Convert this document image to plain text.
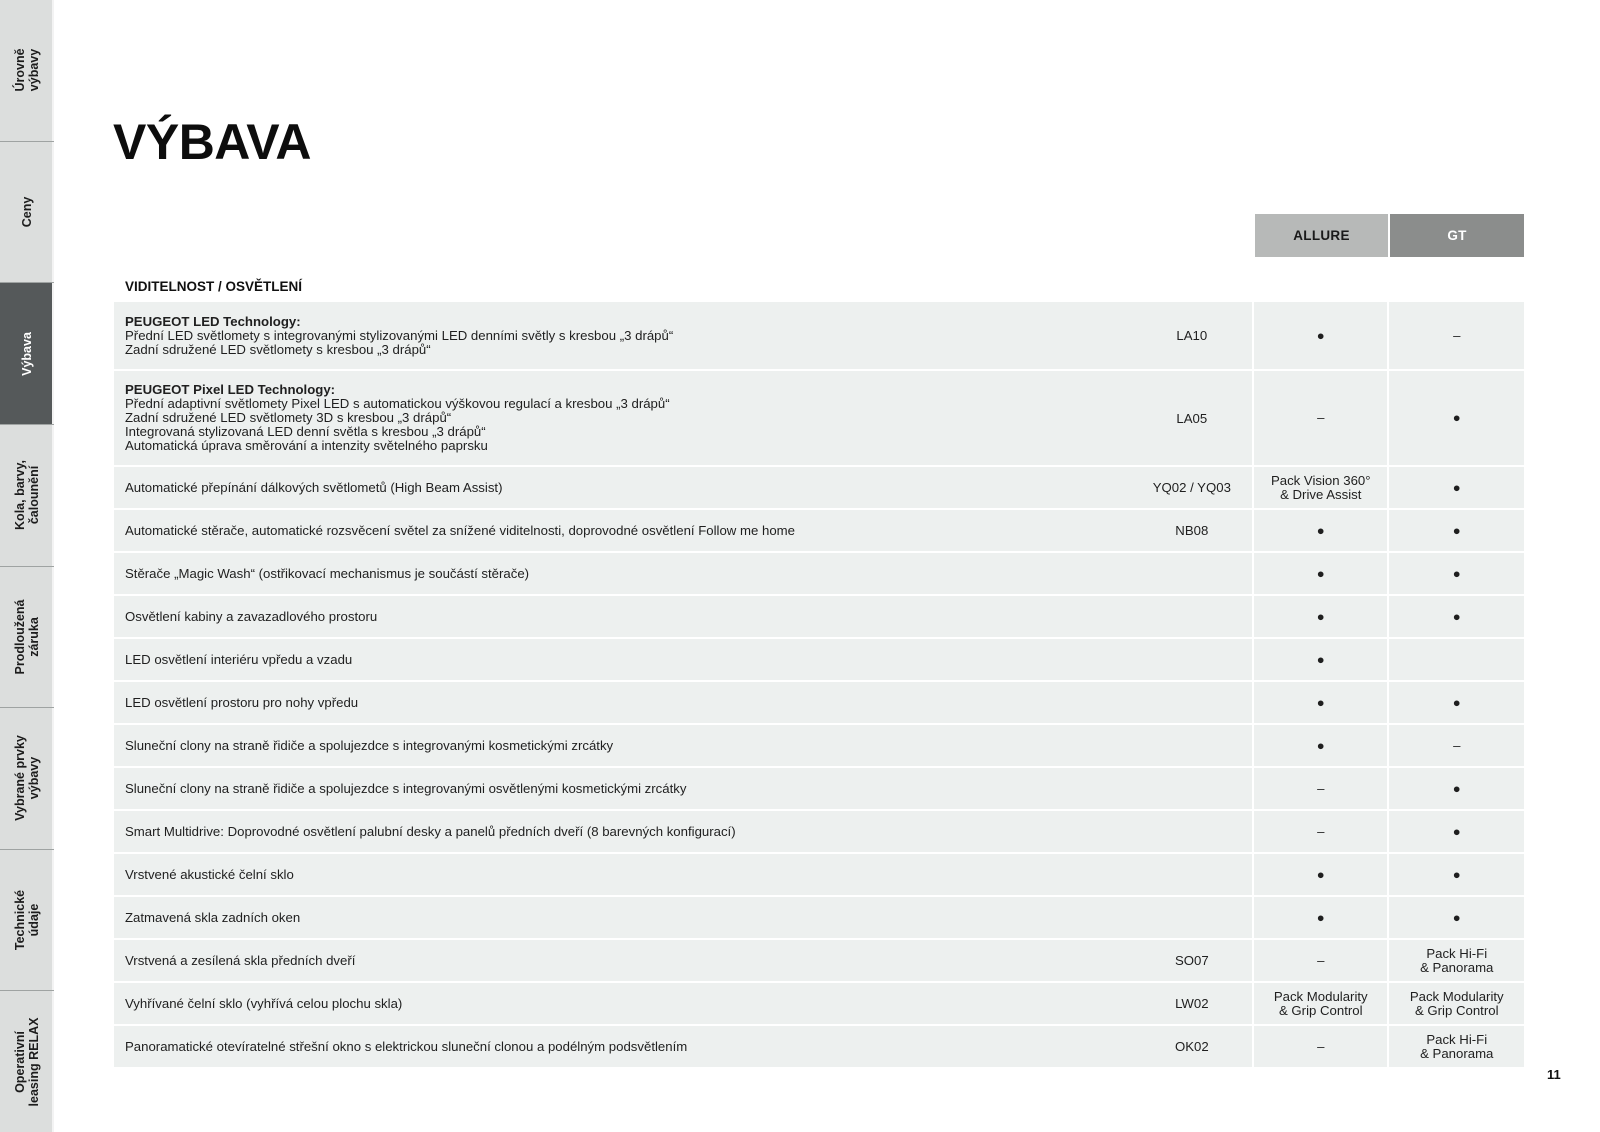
Úrovně
výbavy
Ceny
Výbava
Kola, barvy,
čalounění
Prodloužená
záruka
Vybrané prvky
výbavy
Technické
údaje
Operativní
leasing RELAX
VÝBAVA
ALLURE	GT
VIDITELNOST / OSVĚTLENÍ
PEUGEOT LED Technology:
Přední LED světlomety s integrovanými stylizovanými LED denními světly s kresbou „3 drápů“
Zadní sdružené LED světlomety s kresbou „3 drápů“	LA10	●	–

PEUGEOT Pixel LED Technology:
Přední adaptivní světlomety Pixel LED s automatickou výškovou regulací a kresbou „3 drápů“
Zadní sdružené LED světlomety 3D s kresbou „3 drápů“
Integrovaná stylizovaná LED denní světla s kresbou „3 drápů“
Automatická úprava směrování a intenzity světelného paprsku	LA05	–	●

Automatické přepínání dálkových světlometů (High Beam Assist)	YQ02 / YQ03	Pack Vision 360°
& Drive Assist	●

Automatické stěrače, automatické rozsvěcení světel za snížené viditelnosti, doprovodné osvětlení Follow me home	NB08	●	●

Stěrače „Magic Wash“ (ostřikovací mechanismus je součástí stěrače)		●	●

Osvětlení kabiny a zavazadlového prostoru		●	●

LED osvětlení interiéru vpředu a vzadu		●	

LED osvětlení prostoru pro nohy vpředu		●	●

Sluneční clony na straně řidiče a spolujezdce s integrovanými kosmetickými zrcátky		●	–

Sluneční clony na straně řidiče a spolujezdce s integrovanými osvětlenými kosmetickými zrcátky		–	●

Smart Multidrive: Doprovodné osvětlení palubní desky a panelů předních dveří (8 barevných konfigurací)		–	●

Vrstvené akustické čelní sklo		●	●

Zatmavená skla zadních oken		●	●

Vrstvená a zesílená skla předních dveří	SO07	–	Pack Hi-Fi
& Panorama

Vyhřívané čelní sklo (vyhřívá celou plochu skla)	LW02	Pack Modularity
& Grip Control	Pack Modularity
& Grip Control

Panoramatické otevíratelné střešní okno s elektrickou sluneční clonou a podélným podsvětlením	OK02	–	Pack Hi-Fi
& Panorama
11
